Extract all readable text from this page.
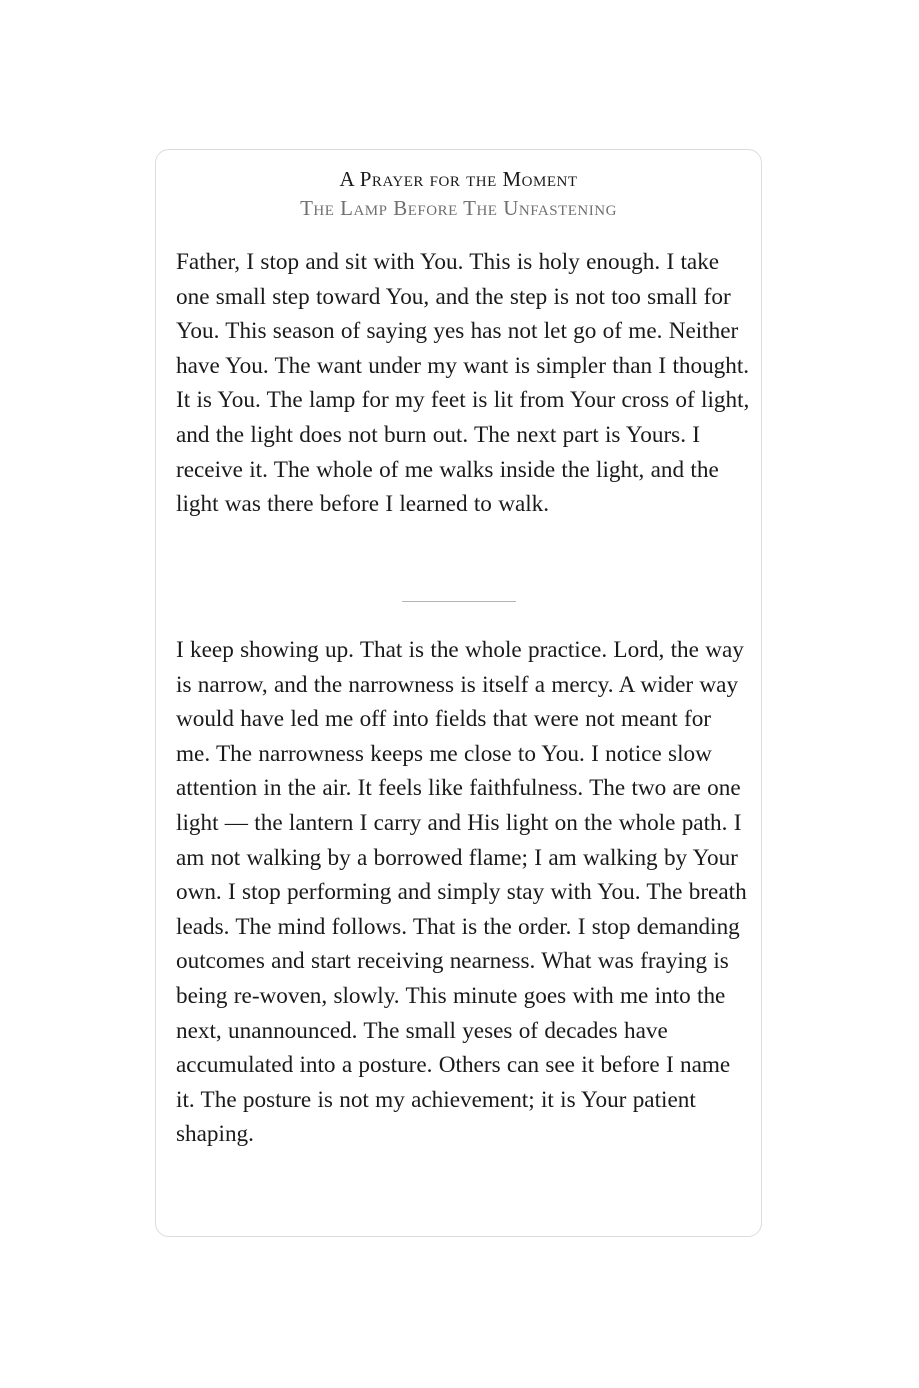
A Prayer for the Moment
The Lamp Before The Unfastening

Father, I stop and sit with You. This is holy enough. I take one small step toward You, and the step is not too small for You. This season of saying yes has not let go of me. Neither have You. The want under my want is simpler than I thought. It is You. The lamp for my feet is lit from Your cross of light, and the light does not burn out. The next part is Yours. I receive it. The whole of me walks inside the light, and the light was there before I learned to walk.

I keep showing up. That is the whole practice. Lord, the way is narrow, and the narrowness is itself a mercy. A wider way would have led me off into fields that were not meant for me. The narrowness keeps me close to You. I notice slow attention in the air. It feels like faithfulness. The two are one light — the lantern I carry and His light on the whole path. I am not walking by a borrowed flame; I am walking by Your own. I stop performing and simply stay with You. The breath leads. The mind follows. That is the order. I stop demanding outcomes and start receiving nearness. What was fraying is being re-woven, slowly. This minute goes with me into the next, unannounced. The small yeses of decades have accumulated into a posture. Others can see it before I name it. The posture is not my achievement; it is Your patient shaping.
